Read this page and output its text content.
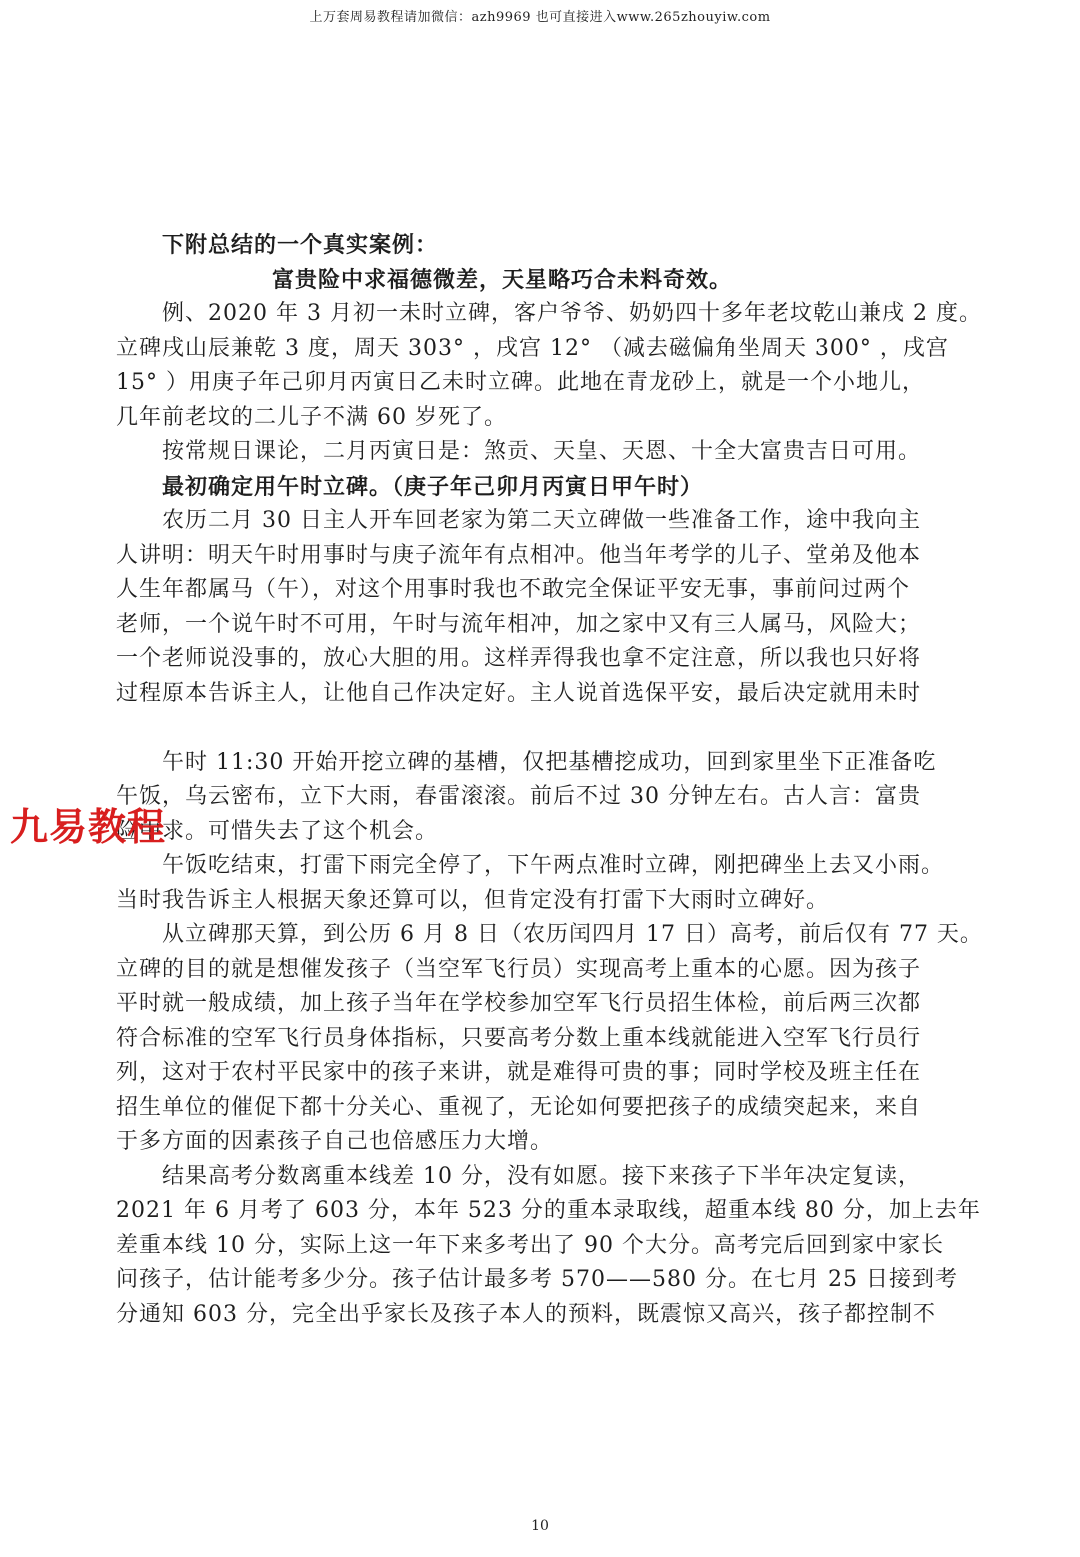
上万套周易教程请加微信：azh9969 也可直接进入www.265zhouyiw.com
下附总结的一个真实案例：
富贵险中求福德微差，天星略巧合未料奇效。
例、2020 年 3 月初一未时立碑，客户爷爷、奶奶四十多年老坟乾山兼戌 2 度。
立碑戌山辰兼乾 3 度，周天 303° ，戌宫 12° （减去磁偏角坐周天 300° ，戌宫
15° ）用庚子年己卯月丙寅日乙未时立碑。此地在青龙砂上，就是一个小地儿，
几年前老坟的二儿子不满 60 岁死了。
按常规日课论，二月丙寅日是：煞贡、天皇、天恩、十全大富贵吉日可用。
最初确定用午时立碑。（庚子年己卯月丙寅日甲午时）
农历二月 30 日主人开车回老家为第二天立碑做一些准备工作，途中我向主
人讲明：明天午时用事时与庚子流年有点相冲。他当年考学的儿子、堂弟及他本
人生年都属马（午），对这个用事时我也不敢完全保证平安无事，事前问过两个
老师，一个说午时不可用，午时与流年相冲，加之家中又有三人属马，风险大；
一个老师说没事的，放心大胆的用。这样弄得我也拿不定注意，所以我也只好将
过程原本告诉主人，让他自己作决定好。主人说首选保平安，最后决定就用未时
午时 11:30 开始开挖立碑的基槽，仅把基槽挖成功，回到家里坐下正准备吃
午饭，乌云密布，立下大雨，春雷滚滚。前后不过 30 分钟左右。古人言：富贵
险中求。可惜失去了这个机会。
午饭吃结束，打雷下雨完全停了，下午两点准时立碑，刚把碑坐上去又小雨。
当时我告诉主人根据天象还算可以，但肯定没有打雷下大雨时立碑好。
从立碑那天算，到公历 6 月 8 日（农历闰四月 17 日）高考，前后仅有 77 天。
立碑的目的就是想催发孩子（当空军飞行员）实现高考上重本的心愿。因为孩子
平时就一般成绩，加上孩子当年在学校参加空军飞行员招生体检，前后两三次都
符合标准的空军飞行员身体指标，只要高考分数上重本线就能进入空军飞行员行
列，这对于农村平民家中的孩子来讲，就是难得可贵的事；同时学校及班主任在
招生单位的催促下都十分关心、重视了，无论如何要把孩子的成绩突起来，来自
于多方面的因素孩子自己也倍感压力大增。
结果高考分数离重本线差 10 分，没有如愿。接下来孩子下半年决定复读，
2021 年 6 月考了 603 分，本年 523 分的重本录取线，超重本线 80 分，加上去年
差重本线 10 分，实际上这一年下来多考出了 90 个大分。高考完后回到家中家长
问孩子，估计能考多少分。孩子估计最多考 570——580 分。在七月 25 日接到考
分通知 603 分，完全出乎家长及孩子本人的预料，既震惊又高兴，孩子都控制不
九易教程
10
